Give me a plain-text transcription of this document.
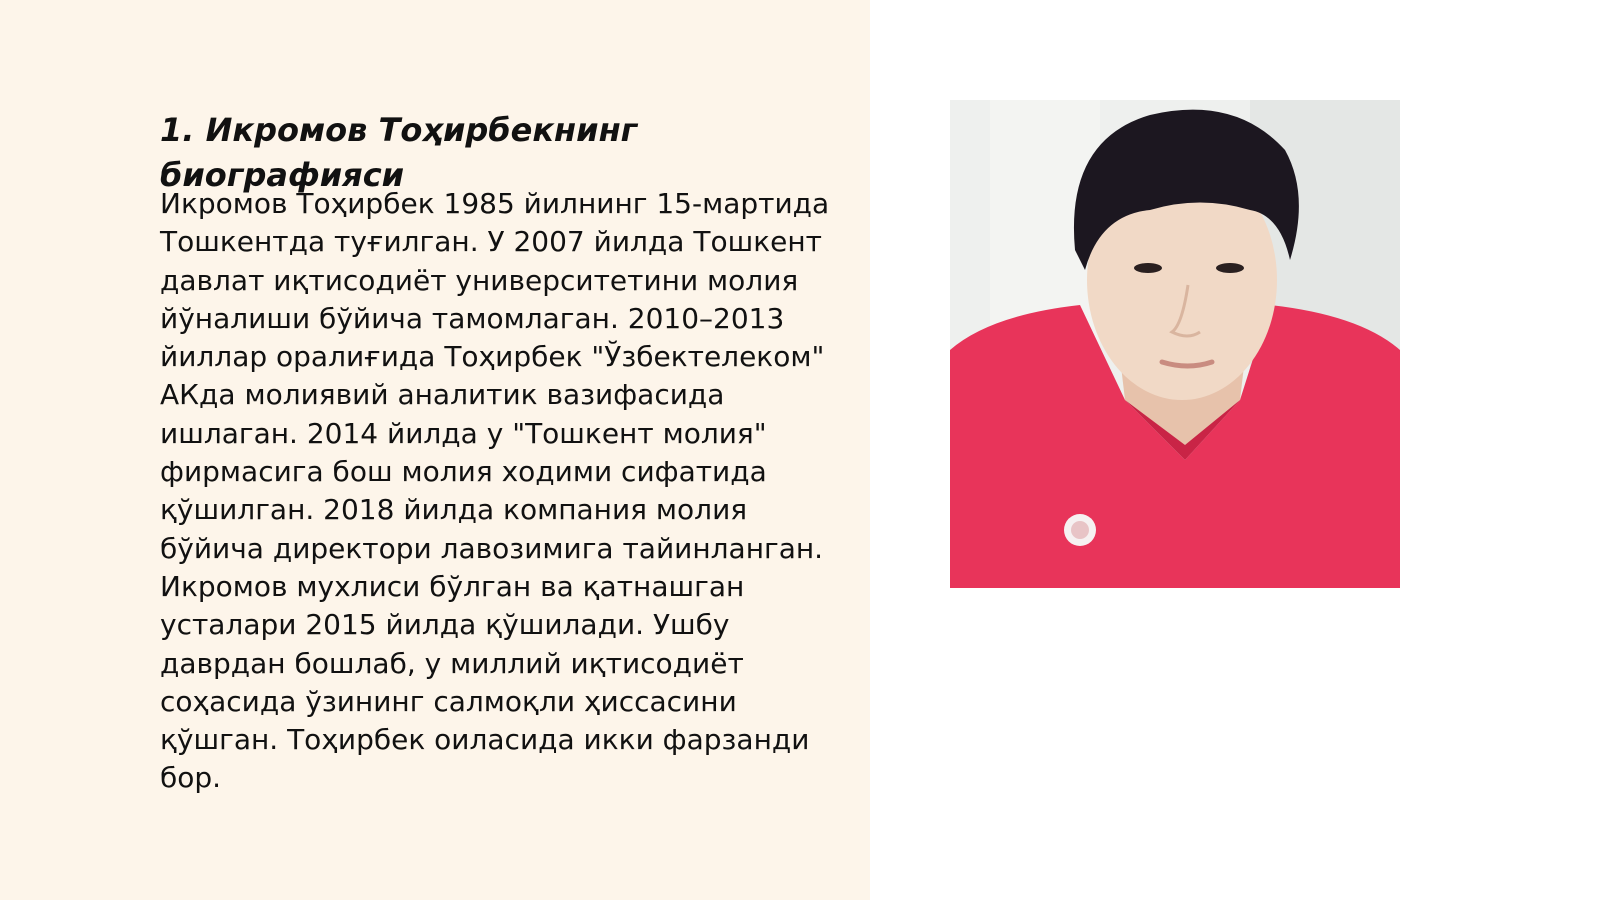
1. Икромов Тоҳирбекнинг биографияси

Икромов Тоҳирбек 1985 йилнинг 15-мартида Тошкентда туғилган. У 2007 йилда Тошкент давлат иқтисодиёт университетини молия йўналиши бўйича тамомлаган. 2010–2013 йиллар оралиғида Тоҳирбек "Ўзбектелеком" АКда молиявий аналитик вазифасида ишлаган. 2014 йилда у "Тошкент молия" фирмасига бош молия ходими сифатида қўшилган. 2018 йилда компания молия бўйича директори лавозимига тайинланган. Икромов мухлиси бўлган ва қатнашган усталари 2015 йилда қўшилади. Ушбу даврдан бошлаб, у миллий иқтисодиёт соҳасида ўзининг салмоқли ҳиссасини қўшган. Тоҳирбек оиласида икки фарзанди бор.
